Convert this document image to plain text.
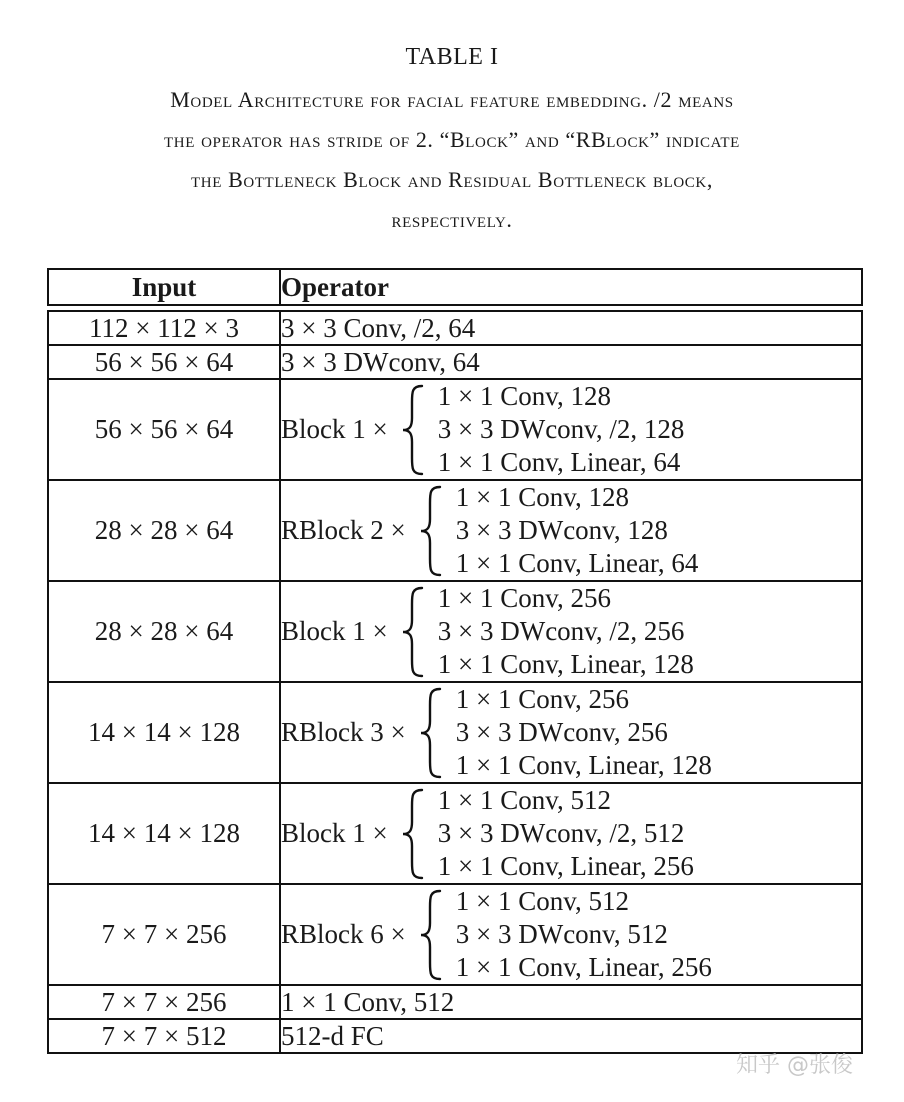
TABLE I
Model Architecture for facial feature embedding. /2 means
the operator has stride of 2. “Block” and “RBlock” indicate
the Bottleneck Block and Residual Bottleneck block,
respectively.
Input	Operator

112 × 112 × 3	3 × 3 Conv, /2, 64
56 × 56 × 64	3 × 3 DWconv, 64
56 × 56 × 64	Block 1 ×
1 × 1 Conv, 128
3 × 3 DWconv, /2, 128
1 × 1 Conv, Linear, 64

28 × 28 × 64	RBlock 2 ×
1 × 1 Conv, 128
3 × 3 DWconv, 128
1 × 1 Conv, Linear, 64

28 × 28 × 64	Block 1 ×
1 × 1 Conv, 256
3 × 3 DWconv, /2, 256
1 × 1 Conv, Linear, 128

14 × 14 × 128	RBlock 3 ×
1 × 1 Conv, 256
3 × 3 DWconv, 256
1 × 1 Conv, Linear, 128

14 × 14 × 128	Block 1 ×
1 × 1 Conv, 512
3 × 3 DWconv, /2, 512
1 × 1 Conv, Linear, 256

7 × 7 × 256	RBlock 6 ×
1 × 1 Conv, 512
3 × 3 DWconv, 512
1 × 1 Conv, Linear, 256

7 × 7 × 256	1 × 1 Conv, 512
7 × 7 × 512	512-d FC
知乎 @张俊
